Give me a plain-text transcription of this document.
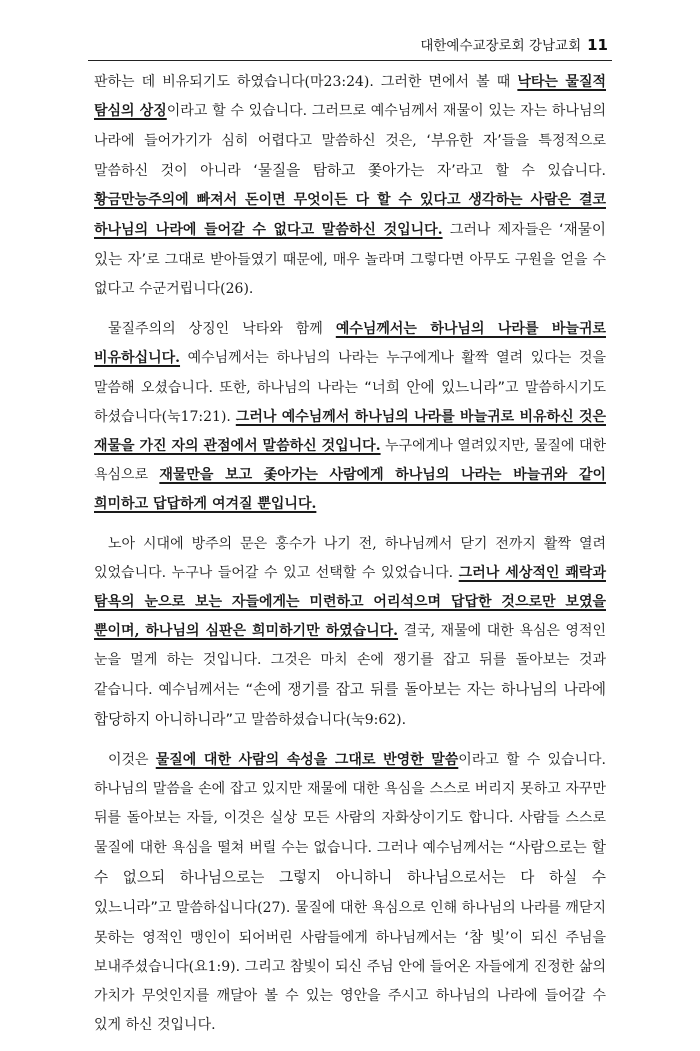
대한예수교장로회 강남교회 11

판하는 데 비유되기도 하였습니다(마23:24). 그러한 면에서 볼 때 낙타는 물질적 탐심의 상징이라고 할 수 있습니다. 그러므로 예수님께서 재물이 있는 자는 하나님의 나라에 들어가기가 심히 어렵다고 말씀하신 것은, ‘부유한 자’들을 특정적으로 말씀하신 것이 아니라 ‘물질을 탐하고 쫓아가는 자’라고 할 수 있습니다. 황금만능주의에 빠져서 돈이면 무엇이든 다 할 수 있다고 생각하는 사람은 결코 하나님의 나라에 들어갈 수 없다고 말씀하신 것입니다. 그러나 제자들은 ‘재물이 있는 자’로 그대로 받아들였기 때문에, 매우 놀라며 그렇다면 아무도 구원을 얻을 수 없다고 수군거립니다(26).

물질주의의 상징인 낙타와 함께 예수님께서는 하나님의 나라를 바늘귀로 비유하십니다. 예수님께서는 하나님의 나라는 누구에게나 활짝 열려 있다는 것을 말씀해 오셨습니다. 또한, 하나님의 나라는 “너희 안에 있느니라”고 말씀하시기도 하셨습니다(눅17:21). 그러나 예수님께서 하나님의 나라를 바늘귀로 비유하신 것은 재물을 가진 자의 관점에서 말씀하신 것입니다. 누구에게나 열려있지만, 물질에 대한 욕심으로 재물만을 보고 좇아가는 사람에게 하나님의 나라는 바늘귀와 같이 희미하고 답답하게 여겨질 뿐입니다.

노아 시대에 방주의 문은 홍수가 나기 전, 하나님께서 닫기 전까지 활짝 열려 있었습니다. 누구나 들어갈 수 있고 선택할 수 있었습니다. 그러나 세상적인 쾌락과 탐욕의 눈으로 보는 자들에게는 미련하고 어리석으며 답답한 것으로만 보였을 뿐이며, 하나님의 심판은 희미하기만 하였습니다. 결국, 재물에 대한 욕심은 영적인 눈을 멀게 하는 것입니다. 그것은 마치 손에 쟁기를 잡고 뒤를 돌아보는 것과 같습니다. 예수님께서는 “손에 쟁기를 잡고 뒤를 돌아보는 자는 하나님의 나라에 합당하지 아니하니라”고 말씀하셨습니다(눅9:62).

이것은 물질에 대한 사람의 속성을 그대로 반영한 말씀이라고 할 수 있습니다. 하나님의 말씀을 손에 잡고 있지만 재물에 대한 욕심을 스스로 버리지 못하고 자꾸만 뒤를 돌아보는 자들, 이것은 실상 모든 사람의 자화상이기도 합니다. 사람들 스스로 물질에 대한 욕심을 떨쳐 버릴 수는 없습니다. 그러나 예수님께서는 “사람으로는 할 수 없으되 하나님으로는 그렇지 아니하니 하나님으로서는 다 하실 수 있느니라”고 말씀하십니다(27). 물질에 대한 욕심으로 인해 하나님의 나라를 깨닫지 못하는 영적인 맹인이 되어버린 사람들에게 하나님께서는 ‘참 빛’이 되신 주님을 보내주셨습니다(요1:9). 그리고 참빛이 되신 주님 안에 들어온 자들에게 진정한 삶의 가치가 무엇인지를 깨달아 볼 수 있는 영안을 주시고 하나님의 나라에 들어갈 수 있게 하신 것입니다.
